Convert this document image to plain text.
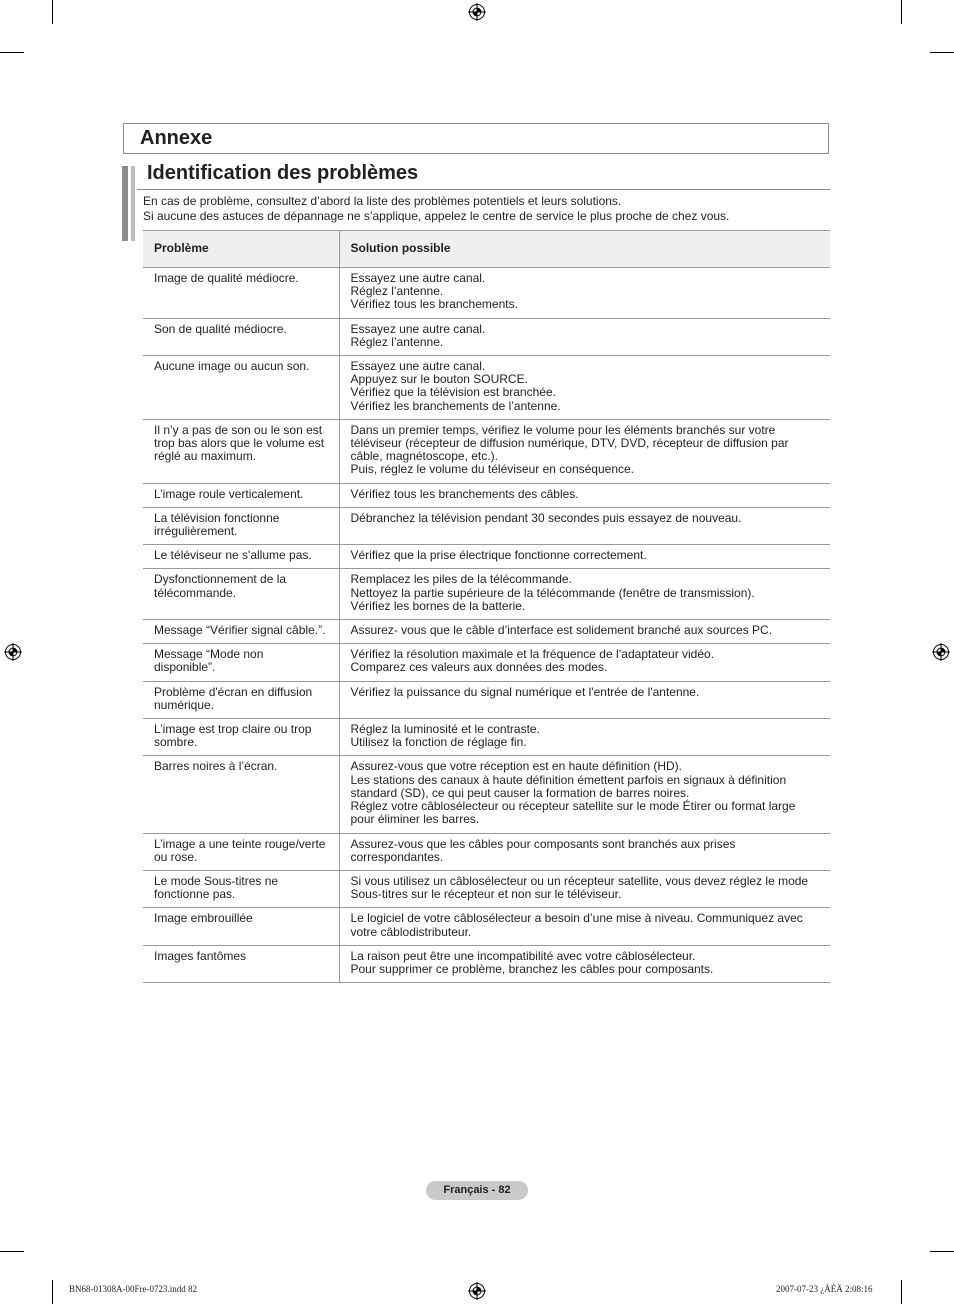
Annexe
Identification des problèmes

En cas de problème, consultez d’abord la liste des problèmes potentiels et leurs solutions.

Si aucune des astuces de dépannage ne s’applique, appelez le centre de service le plus proche de chez vous.

Problème	Solution possible
Image de qualité médiocre.	Essayez une autre canal.
Réglez l’antenne.
Vérifiez tous les branchements.

Son de qualité médiocre.	Essayez une autre canal.
Réglez l’antenne.

Aucune image ou aucun son.	Essayez une autre canal.
Appuyez sur le bouton SOURCE.
Vérifiez que la télévision est branchée.
Vérifiez les branchements de l’antenne.

Il n’y a pas de son ou le son est trop bas alors que le volume est réglé au maximum.	Dans un premier temps, vérifiez le volume pour les éléments branchés sur votre téléviseur (récepteur de diffusion numérique, DTV, DVD, récepteur de diffusion par câble, magnétoscope, etc.).
Puis, réglez le volume du téléviseur en conséquence.

L’image roule verticalement.	Vérifiez tous les branchements des câbles.

La télévision fonctionne irrégulièrement.	Débranchez la télévision pendant 30 secondes puis essayez de nouveau.

Le téléviseur ne s'allume pas.	Vérifiez que la prise électrique fonctionne correctement.

Dysfonctionnement de la télécommande.	Remplacez les piles de la télécommande.
Nettoyez la partie supérieure de la télécommande (fenêtre de transmission).
Vérifiez les bornes de la batterie.

Message “Vérifier signal câble.”.	Assurez- vous que le câble d’interface est solidement branché aux sources PC.

Message “Mode non disponible”.	Vérifiez la résolution maximale et la fréquence de l’adaptateur vidéo.
Comparez ces valeurs aux données des modes.

Problème d'écran en diffusion numérique.	Vérifiez la puissance du signal numérique et l'entrée de l'antenne.

L’image est trop claire ou trop sombre.	Réglez la luminosité et le contraste.
Utilisez la fonction de réglage fin.

Barres noires à l’écran.	Assurez-vous que votre réception est en haute définition (HD).
Les stations des canaux à haute définition émettent parfois en signaux à définition standard (SD), ce qui peut causer la formation de barres noires.
Réglez votre câblosélecteur ou récepteur satellite sur le mode Étirer ou format large pour éliminer les barres.

L’image a une teinte rouge/verte ou rose.	Assurez-vous que les câbles pour composants sont branchés aux prises correspondantes.

Le mode Sous-titres ne fonctionne pas.	Si vous utilisez un câblosélecteur ou un récepteur satellite, vous devez réglez le mode Sous-titres sur le récepteur et non sur le téléviseur.

Image embrouillée	Le logiciel de votre câblosélecteur a besoin d’une mise à niveau. Communiquez avec votre câblodistributeur.

Images fantômes	La raison peut être une incompatibilité avec votre câblosélecteur.
Pour supprimer ce problème, branchez les câbles pour composants.
Français - 82
BN68-01308A-00Fre-0723.indd 82	2007-07-23 ¿ÀÈÄ 2:08:16
